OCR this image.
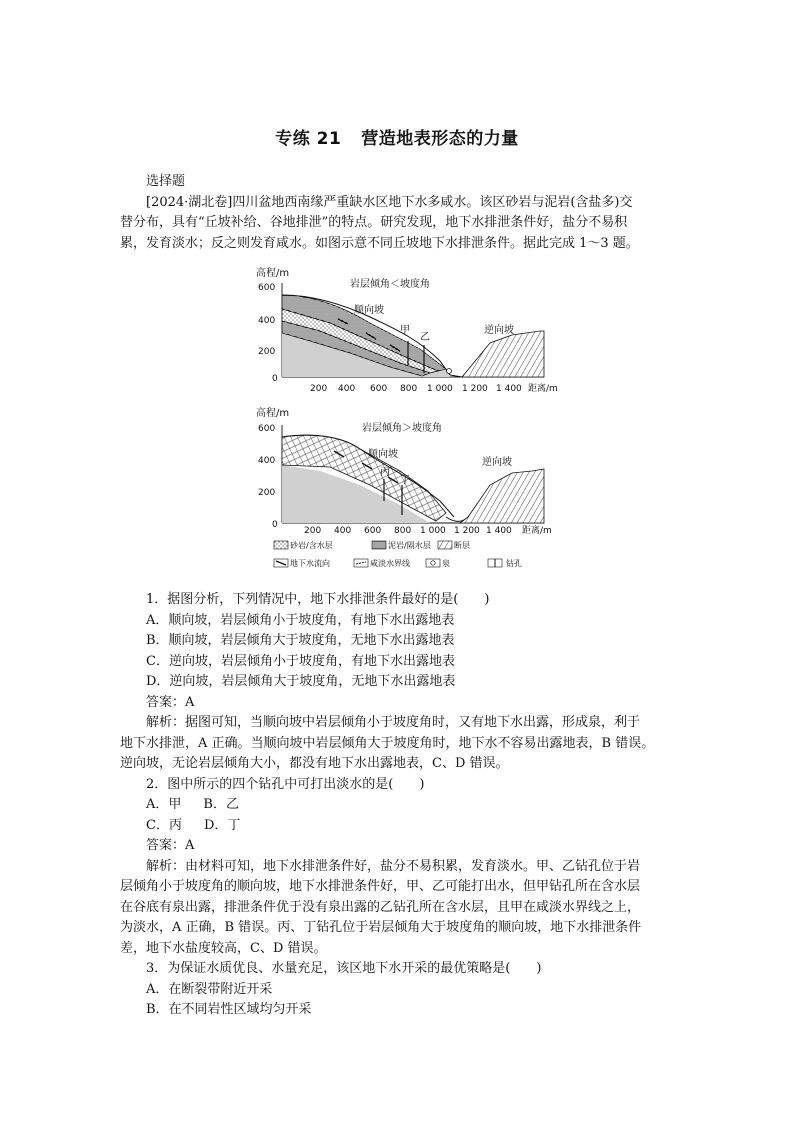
专练 21 营造地表形态的力量
选择题
[2024·湖北卷]四川盆地西南缘严重缺水区地下水多咸水。该区砂岩与泥岩(含盐多)交
替分布，具有“丘坡补给、谷地排泄”的特点。研究发现，地下水排泄条件好，盐分不易积
累，发育淡水；反之则发育咸水。如图示意不同丘坡地下水排泄条件。据此完成 1～3 题。
高程/m
岩层倾角＜坡度角
600
400
200
0
甲
乙
顺向坡
逆向坡
200 400 600 800 1 000 1 200 1 400 距离/m
高程/m
岩层倾角＞坡度角
600
400
200
0
丙
丁
顺向坡
逆向坡
200 400 600 800 1 000 1 200 1 400 距离/m
砂岩/含水层	泥岩/隔水层	断层
地下水流向	咸淡水界线	泉	钻孔
1．据图分析，下列情况中，地下水排泄条件最好的是(　　)
A．顺向坡，岩层倾角小于坡度角，有地下水出露地表
B．顺向坡，岩层倾角大于坡度角，无地下水出露地表
C．逆向坡，岩层倾角小于坡度角，有地下水出露地表
D．逆向坡，岩层倾角大于坡度角，无地下水出露地表
答案：A
解析：据图可知，当顺向坡中岩层倾角小于坡度角时，又有地下水出露，形成泉，利于
地下水排泄，A 正确。当顺向坡中岩层倾角大于坡度角时，地下水不容易出露地表，B 错误。
逆向坡，无论岩层倾角大小，都没有地下水出露地表，C、D 错误。
2．图中所示的四个钻孔中可打出淡水的是(　　)
A．甲 B．乙
C．丙 D．丁
答案：A
解析：由材料可知，地下水排泄条件好，盐分不易积累，发育淡水。甲、乙钻孔位于岩
层倾角小于坡度角的顺向坡，地下水排泄条件好，甲、乙可能打出水，但甲钻孔所在含水层
在谷底有泉出露，排泄条件优于没有泉出露的乙钻孔所在含水层，且甲在咸淡水界线之上，
为淡水，A 正确，B 错误。丙、丁钻孔位于岩层倾角大于坡度角的顺向坡，地下水排泄条件
差，地下水盐度较高，C、D 错误。
3．为保证水质优良、水量充足，该区地下水开采的最优策略是(　　)
A．在断裂带附近开采
B．在不同岩性区域均匀开采
